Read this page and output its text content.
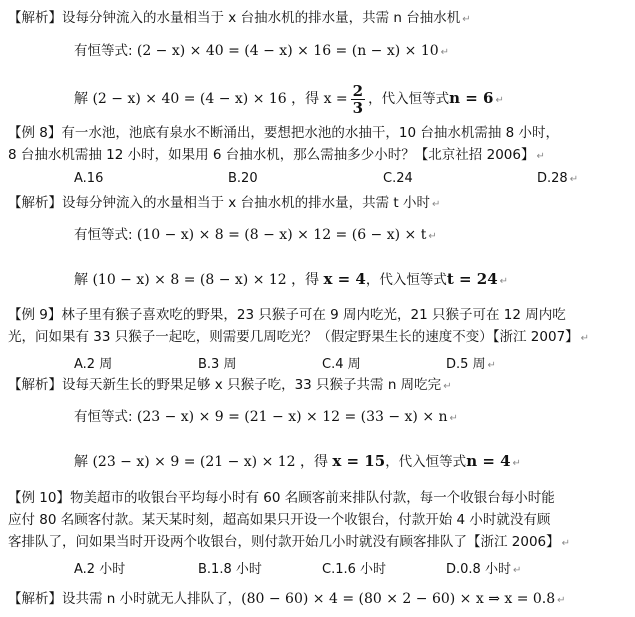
【解析】设每分钟流入的水量相当于 x 台抽水机的排水量，共需 n 台抽水机 ↵
有恒等式: (2 − x) × 40 = (4 − x) × 16 = (n − x) × 10 ↵
解 (2 − x) × 40 = (4 − x) × 16 ，得 $x = \frac{2}{3}$ ，代入恒等式n = 6 ↵
【例 8】有一水池，池底有泉水不断涌出，要想把水池的水抽干，10 台抽水机需抽 8 小时，
8 台抽水机需抽 12 小时，如果用 6 台抽水机，那么需抽多少小时？【北京社招 2006】 ↵
A.16	B.20	C.24	D.28 ↵
【解析】设每分钟流入的水量相当于 x 台抽水机的排水量，共需 t 小时 ↵
有恒等式: (10 − x) × 8 = (8 − x) × 12 = (6 − x) × t ↵
解 (10 − x) × 8 = (8 − x) × 12 ，得 x = 4，代入恒等式t = 24 ↵
【例 9】林子里有猴子喜欢吃的野果，23 只猴子可在 9 周内吃光，21 只猴子可在 12 周内吃
光，问如果有 33 只猴子一起吃，则需要几周吃光？（假定野果生长的速度不变）【浙江 2007】 ↵
A.2 周	B.3 周	C.4 周	D.5 周 ↵
【解析】设每天新生长的野果足够 x 只猴子吃，33 只猴子共需 n 周吃完 ↵
有恒等式: (23 − x) × 9 = (21 − x) × 12 = (33 − x) × n ↵
解 (23 − x) × 9 = (21 − x) × 12 ，得 x = 15，代入恒等式n = 4 ↵
【例 10】物美超市的收银台平均每小时有 60 名顾客前来排队付款，每一个收银台每小时能
应付 80 名顾客付款。某天某时刻，超高如果只开设一个收银台，付款开始 4 小时就没有顾
客排队了，问如果当时开设两个收银台，则付款开始几小时就没有顾客排队了【浙江 2006】 ↵
A.2 小时	B.1.8 小时	C.1.6 小时	D.0.8 小时 ↵
【解析】设共需 n 小时就无人排队了，(80 − 60) × 4 = (80 × 2 − 60) × x ⇒ x = 0.8 ↵
